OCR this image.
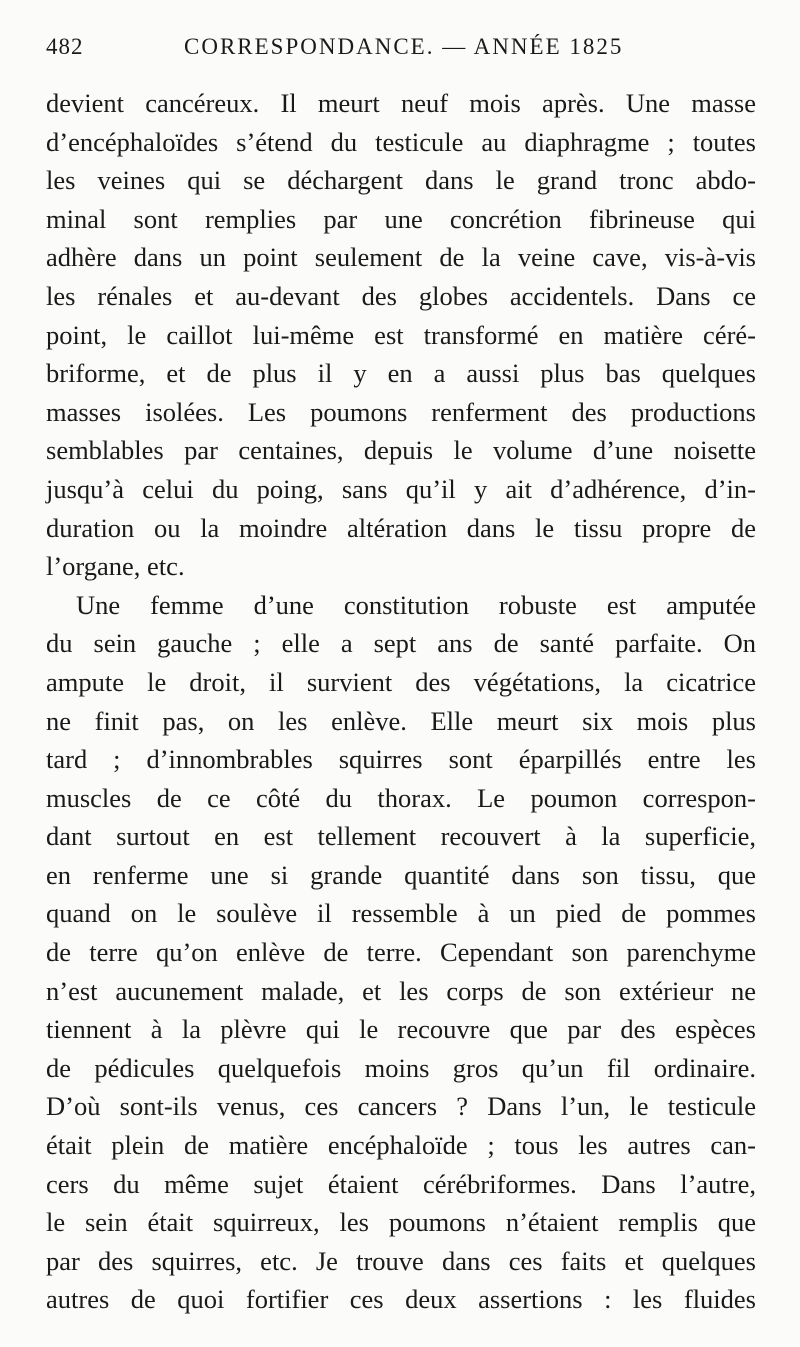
482	CORRESPONDANCE. — ANNÉE 1825
devient cancéreux. Il meurt neuf mois après. Une masse
d’encéphaloïdes s’étend du testicule au diaphragme ; toutes
les veines qui se déchargent dans le grand tronc abdo-
minal sont remplies par une concrétion fibrineuse qui
adhère dans un point seulement de la veine cave, vis-à-vis
les rénales et au-devant des globes accidentels. Dans ce
point, le caillot lui-même est transformé en matière céré-
briforme, et de plus il y en a aussi plus bas quelques
masses isolées. Les poumons renferment des productions
semblables par centaines, depuis le volume d’une noisette
jusqu’à celui du poing, sans qu’il y ait d’adhérence, d’in-
duration ou la moindre altération dans le tissu propre de
l’organe, etc.
Une femme d’une constitution robuste est amputée
du sein gauche ; elle a sept ans de santé parfaite. On
ampute le droit, il survient des végétations, la cicatrice
ne finit pas, on les enlève. Elle meurt six mois plus
tard ; d’innombrables squirres sont éparpillés entre les
muscles de ce côté du thorax. Le poumon correspon-
dant surtout en est tellement recouvert à la superficie,
en renferme une si grande quantité dans son tissu, que
quand on le soulève il ressemble à un pied de pommes
de terre qu’on enlève de terre. Cependant son parenchyme
n’est aucunement malade, et les corps de son extérieur ne
tiennent à la plèvre qui le recouvre que par des espèces
de pédicules quelquefois moins gros qu’un fil ordinaire.
D’où sont-ils venus, ces cancers ? Dans l’un, le testicule
était plein de matière encéphaloïde ; tous les autres can-
cers du même sujet étaient cérébriformes. Dans l’autre,
le sein était squirreux, les poumons n’étaient remplis que
par des squirres, etc. Je trouve dans ces faits et quelques
autres de quoi fortifier ces deux assertions : les fluides
